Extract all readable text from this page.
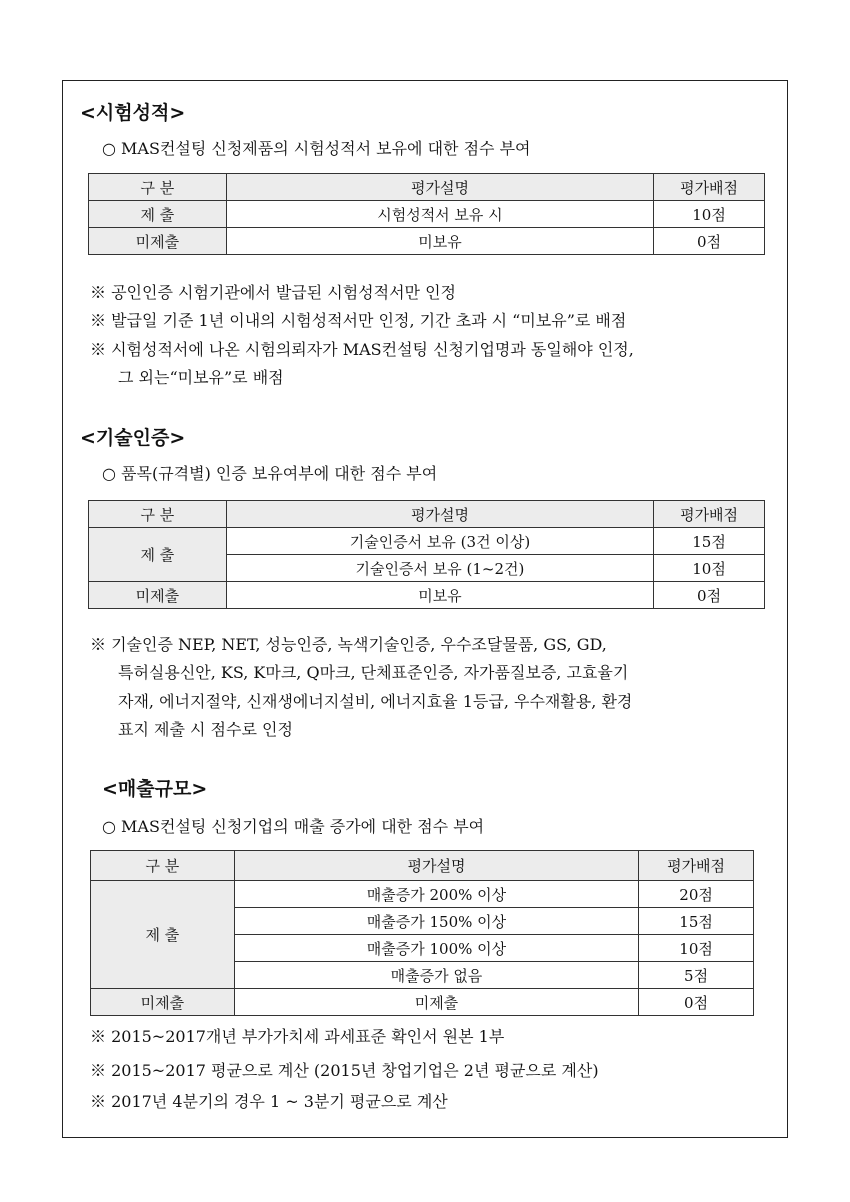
<시험성적>
○ MAS컨설팅 신청제품의 시험성적서 보유에 대한 점수 부여
구 분	평가설명	평가배점
제 출	시험성적서 보유 시	10점
미제출	미보유	0점
※ 공인인증 시험기관에서 발급된 시험성적서만 인정
※ 발급일 기준 1년 이내의 시험성적서만 인정, 기간 초과 시 “미보유”로 배점
※ 시험성적서에 나온 시험의뢰자가 MAS컨설팅 신청기업명과 동일해야 인정,
그 외는“미보유”로 배점
<기술인증>
○ 품목(규격별) 인증 보유여부에 대한 점수 부여
구 분	평가설명	평가배점
제 출	기술인증서 보유 (3건 이상)	15점
	기술인증서 보유 (1~2건)	10점
미제출	미보유	0점
※ 기술인증 NEP, NET, 성능인증, 녹색기술인증, 우수조달물품, GS, GD,
특허실용신안, KS, K마크, Q마크, 단체표준인증, 자가품질보증, 고효율기
자재, 에너지절약, 신재생에너지설비, 에너지효율 1등급, 우수재활용, 환경
표지 제출 시 점수로 인정
<매출규모>
○ MAS컨설팅 신청기업의 매출 증가에 대한 점수 부여
구 분	평가설명	평가배점
제 출	매출증가 200% 이상	20점
	매출증가 150% 이상	15점
	매출증가 100% 이상	10점
	매출증가 없음	5점
미제출	미제출	0점
※ 2015~2017개년 부가가치세 과세표준 확인서 원본 1부
※ 2015~2017 평균으로 계산 (2015년 창업기업은 2년 평균으로 계산)
※ 2017년 4분기의 경우 1 ~ 3분기 평균으로 계산
